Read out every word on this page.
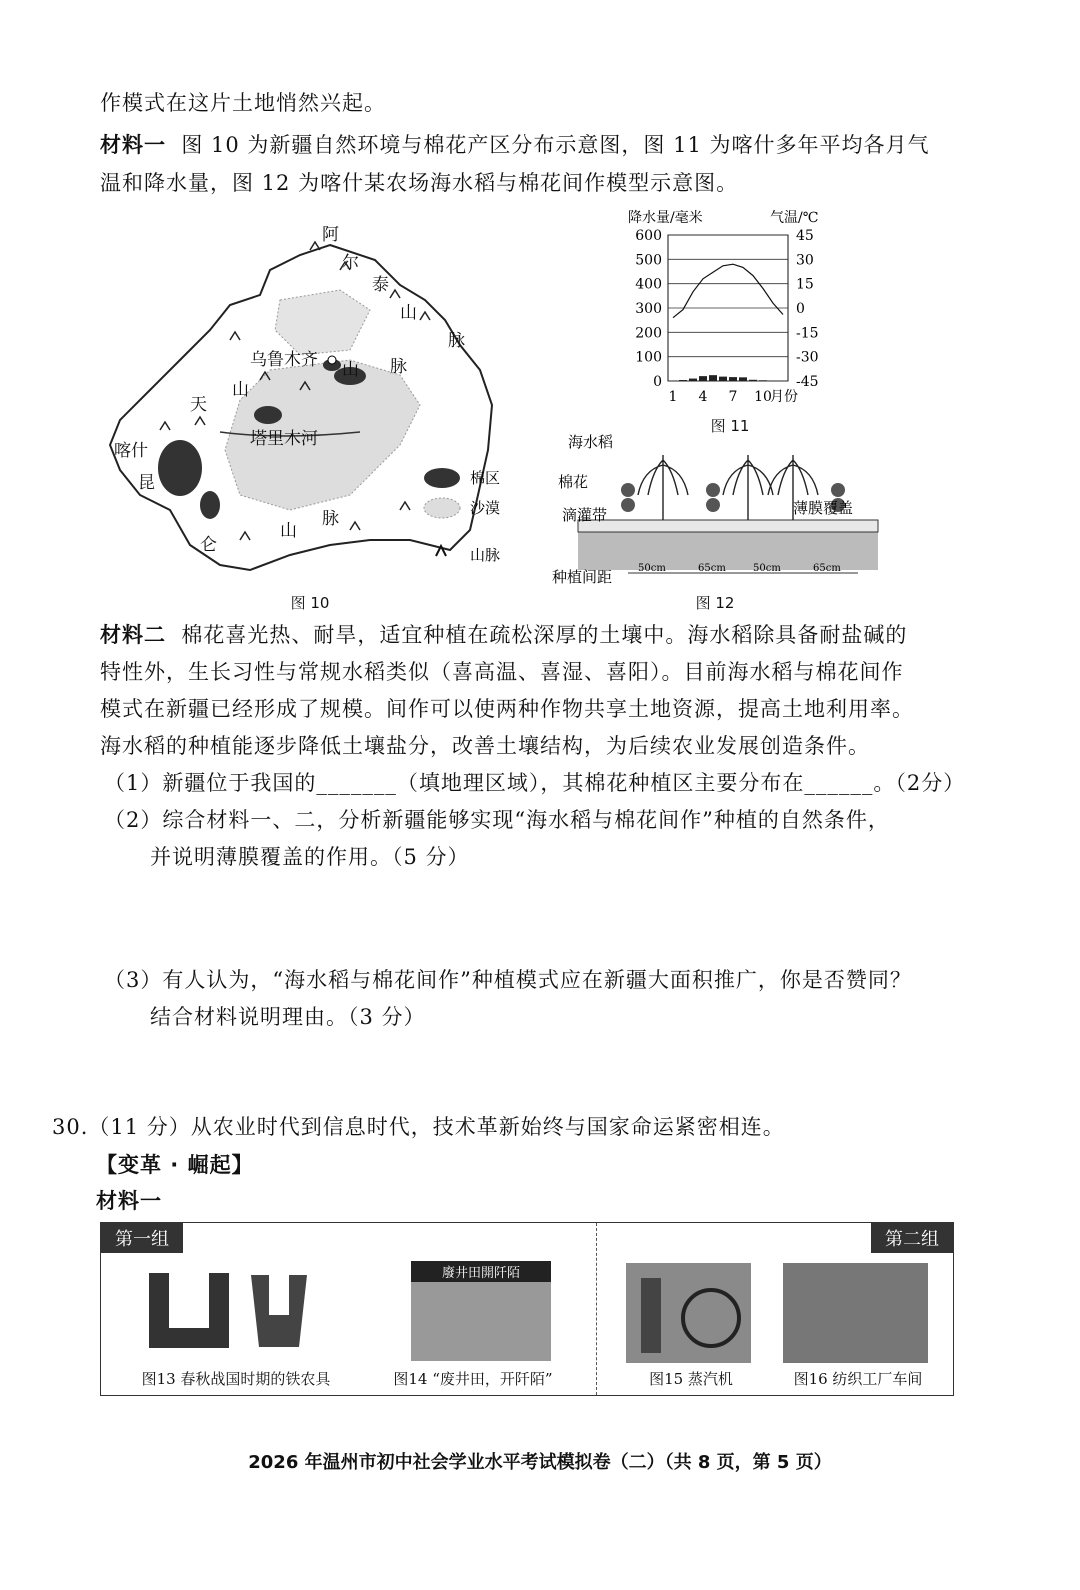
作模式在这片土地悄然兴起。
材料一 图 10 为新疆自然环境与棉花产区分布示意图，图 11 为喀什多年平均各月气
温和降水量，图 12 为喀什某农场海水稻与棉花间作模型示意图。
阿
尔
泰
山
脉
乌鲁木齐 山 脉
天
山
塔里木河
喀什
昆
仑
山
脉
棉区
沙漠
山脉
图 10
降水量/毫米	气温/℃
600	45
500	30
400	15
300	0
200	-15
100	-30
0	-45
1 4 7 10
月份
图 11
海水稻
棉花
滴灌带	薄膜覆盖
种植间距	50cm	65cm	50cm	65cm
图 12
材料二 棉花喜光热、耐旱，适宜种植在疏松深厚的土壤中。海水稻除具备耐盐碱的
特性外，生长习性与常规水稻类似（喜高温、喜湿、喜阳）。目前海水稻与棉花间作
模式在新疆已经形成了规模。间作可以使两种作物共享土地资源，提高土地利用率。
海水稻的种植能逐步降低土壤盐分，改善土壤结构，为后续农业发展创造条件。
（1）新疆位于我国的_______（填地理区域），其棉花种植区主要分布在______。（2分）
（2）综合材料一、二，分析新疆能够实现“海水稻与棉花间作”种植的自然条件，
并说明薄膜覆盖的作用。（5 分）
（3）有人认为，“海水稻与棉花间作”种植模式应在新疆大面积推广，你是否赞同？
结合材料说明理由。（3 分）
30.（11 分）从农业时代到信息时代，技术革新始终与国家命运紧密相连。
【变革 · 崛起】
材料一
第一组	第二组
廢井田開阡陌
图13 春秋战国时期的铁农具	图14 “废井田，开阡陌”	图15 蒸汽机	图16 纺织工厂车间
2026 年温州市初中社会学业水平考试模拟卷（二）（共 8 页，第 5 页）
